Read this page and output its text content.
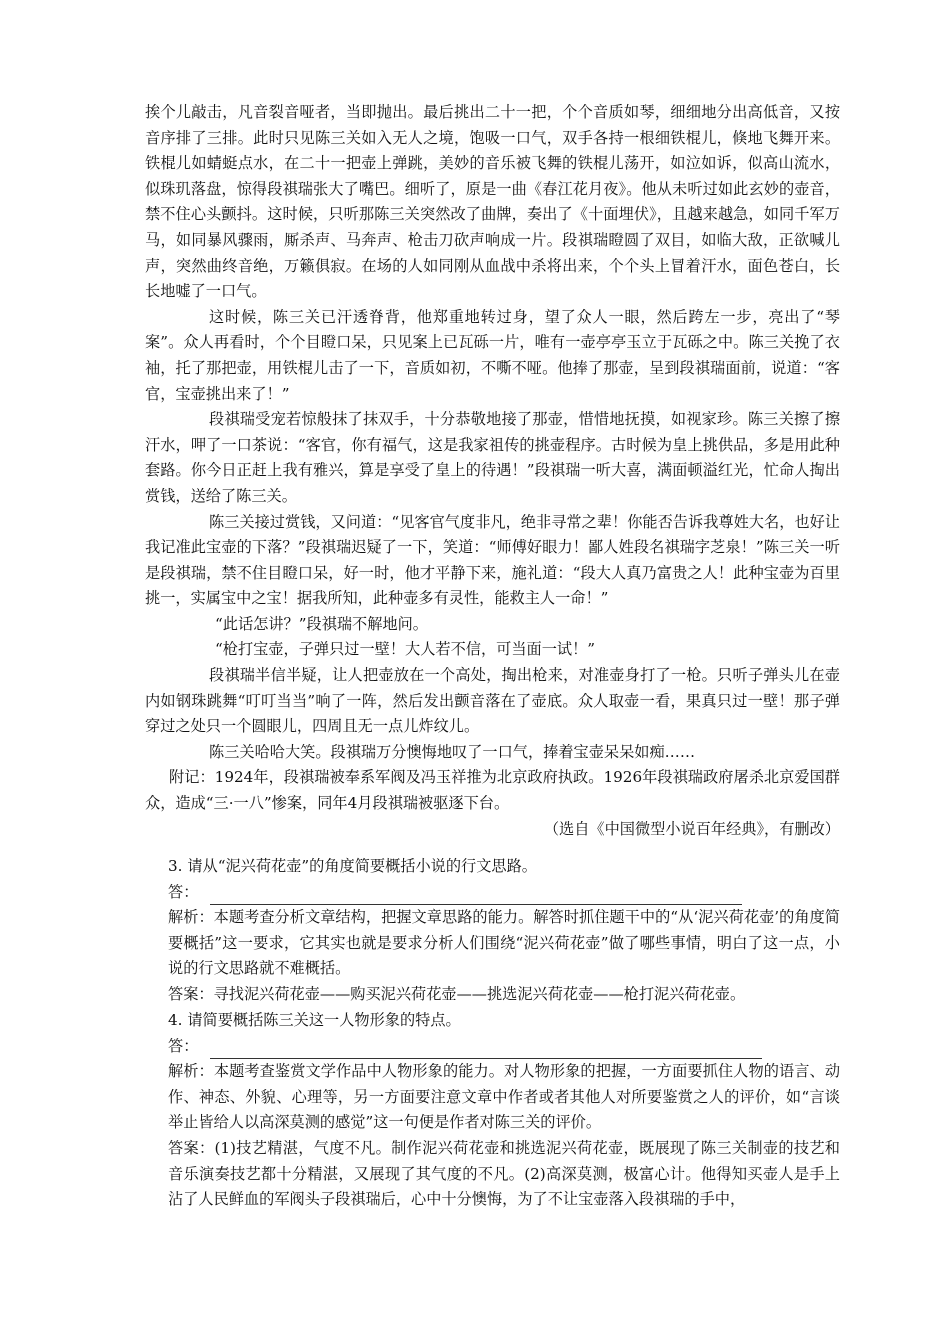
挨个儿敲击，凡音裂音哑者，当即抛出。最后挑出二十一把，个个音质如琴，细细地分出高低音，又按音序排了三排。此时只见陈三关如入无人之境，饱吸一口气，双手各持一根细铁棍儿，倏地飞舞开来。铁棍儿如蜻蜓点水，在二十一把壶上弹跳，美妙的音乐被飞舞的铁棍儿荡开，如泣如诉，似高山流水，似珠玑落盘，惊得段祺瑞张大了嘴巴。细听了，原是一曲《春江花月夜》。他从未听过如此玄妙的壶音，禁不住心头颤抖。这时候，只听那陈三关突然改了曲牌，奏出了《十面埋伏》，且越来越急，如同千军万马，如同暴风骤雨，厮杀声、马奔声、枪击刀砍声响成一片。段祺瑞瞪圆了双目，如临大敌，正欲喊儿声，突然曲终音绝，万籁俱寂。在场的人如同刚从血战中杀将出来，个个头上冒着汗水，面色苍白，长长地嘘了一口气。

这时候，陈三关已汗透脊背，他郑重地转过身，望了众人一眼，然后跨左一步，亮出了“琴案”。众人再看时，个个目瞪口呆，只见案上已瓦砾一片，唯有一壶亭亭玉立于瓦砾之中。陈三关挽了衣袖，托了那把壶，用铁棍儿击了一下，音质如初，不嘶不哑。他捧了那壶，呈到段祺瑞面前，说道：“客官，宝壶挑出来了！”

段祺瑞受宠若惊般抹了抹双手，十分恭敬地接了那壶，惜惜地抚摸，如视家珍。陈三关擦了擦汗水，呷了一口茶说：“客官，你有福气，这是我家祖传的挑壶程序。古时候为皇上挑供品，多是用此种套路。你今日正赶上我有雅兴，算是享受了皇上的待遇！”段祺瑞一听大喜，满面顿溢红光，忙命人掏出赏钱，送给了陈三关。

陈三关接过赏钱，又问道：“见客官气度非凡，绝非寻常之辈！你能否告诉我尊姓大名，也好让我记准此宝壶的下落？”段祺瑞迟疑了一下，笑道：“师傅好眼力！鄙人姓段名祺瑞字芝泉！”陈三关一听是段祺瑞，禁不住目瞪口呆，好一时，他才平静下来，施礼道：“段大人真乃富贵之人！此种宝壶为百里挑一，实属宝中之宝！据我所知，此种壶多有灵性，能救主人一命！”

“此话怎讲？”段祺瑞不解地问。

“枪打宝壶，子弹只过一壁！大人若不信，可当面一试！”

段祺瑞半信半疑，让人把壶放在一个高处，掏出枪来，对准壶身打了一枪。只听子弹头儿在壶内如钢珠跳舞“叮叮当当”响了一阵，然后发出颤音落在了壶底。众人取壶一看，果真只过一壁！那子弹穿过之处只一个圆眼儿，四周且无一点儿炸纹儿。

陈三关哈哈大笑。段祺瑞万分懊悔地叹了一口气，捧着宝壶呆呆如痴……

附记：1924年，段祺瑞被奉系军阀及冯玉祥推为北京政府执政。1926年段祺瑞政府屠杀北京爱国群众，造成“三·一八”惨案，同年4月段祺瑞被驱逐下台。

（选自《中国微型小说百年经典》，有删改）

3. 请从“泥兴荷花壶”的角度简要概括小说的行文思路。

答：

解析：本题考查分析文章结构，把握文章思路的能力。解答时抓住题干中的“从‘泥兴荷花壶’的角度简要概括”这一要求，它其实也就是要求分析人们围绕“泥兴荷花壶”做了哪些事情，明白了这一点，小说的行文思路就不难概括。

答案：寻找泥兴荷花壶——购买泥兴荷花壶——挑选泥兴荷花壶——枪打泥兴荷花壶。

4. 请简要概括陈三关这一人物形象的特点。

答：

解析：本题考查鉴赏文学作品中人物形象的能力。对人物形象的把握，一方面要抓住人物的语言、动作、神态、外貌、心理等，另一方面要注意文章中作者或者其他人对所要鉴赏之人的评价，如“言谈举止皆给人以高深莫测的感觉”这一句便是作者对陈三关的评价。

答案：(1)技艺精湛，气度不凡。制作泥兴荷花壶和挑选泥兴荷花壶，既展现了陈三关制壶的技艺和音乐演奏技艺都十分精湛，又展现了其气度的不凡。(2)高深莫测，极富心计。他得知买壶人是手上沾了人民鲜血的军阀头子段祺瑞后，心中十分懊悔，为了不让宝壶落入段祺瑞的手中，
